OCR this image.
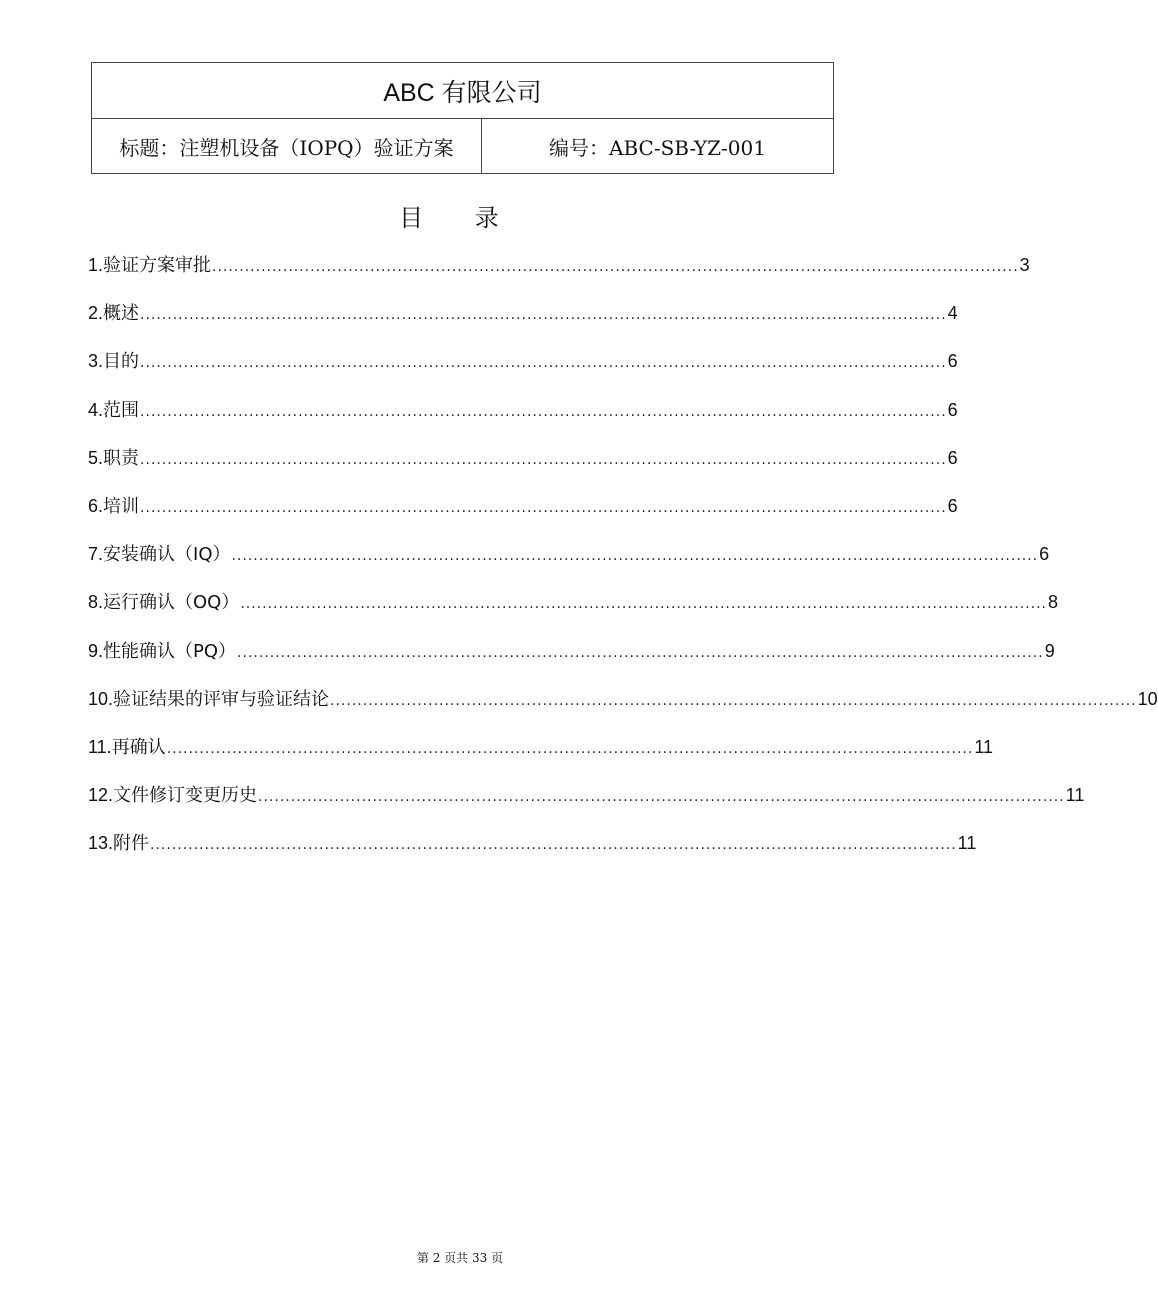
ABC 有限公司
标题：注塑机设备（IOPQ）验证方案	编号：ABC-SB-YZ-001
目 录
1. 验证方案审批 .................................................................................................................................................... 3
2. 概述 .................................................................................................................................................... 4
3. 目的 .................................................................................................................................................... 6
4. 范围 .................................................................................................................................................... 6
5. 职责 .................................................................................................................................................... 6
6. 培训 .................................................................................................................................................... 6
7. 安装确认（IQ） .................................................................................................................................................... 6
8. 运行确认（OQ） .................................................................................................................................................... 8
9. 性能确认（PQ） .................................................................................................................................................... 9
10. 验证结果的评审与验证结论 .................................................................................................................................................... 10
11. 再确认 .................................................................................................................................................... 11
12. 文件修订变更历史 .................................................................................................................................................... 11
13. 附件 .................................................................................................................................................... 11
第 2 页共 33 页
